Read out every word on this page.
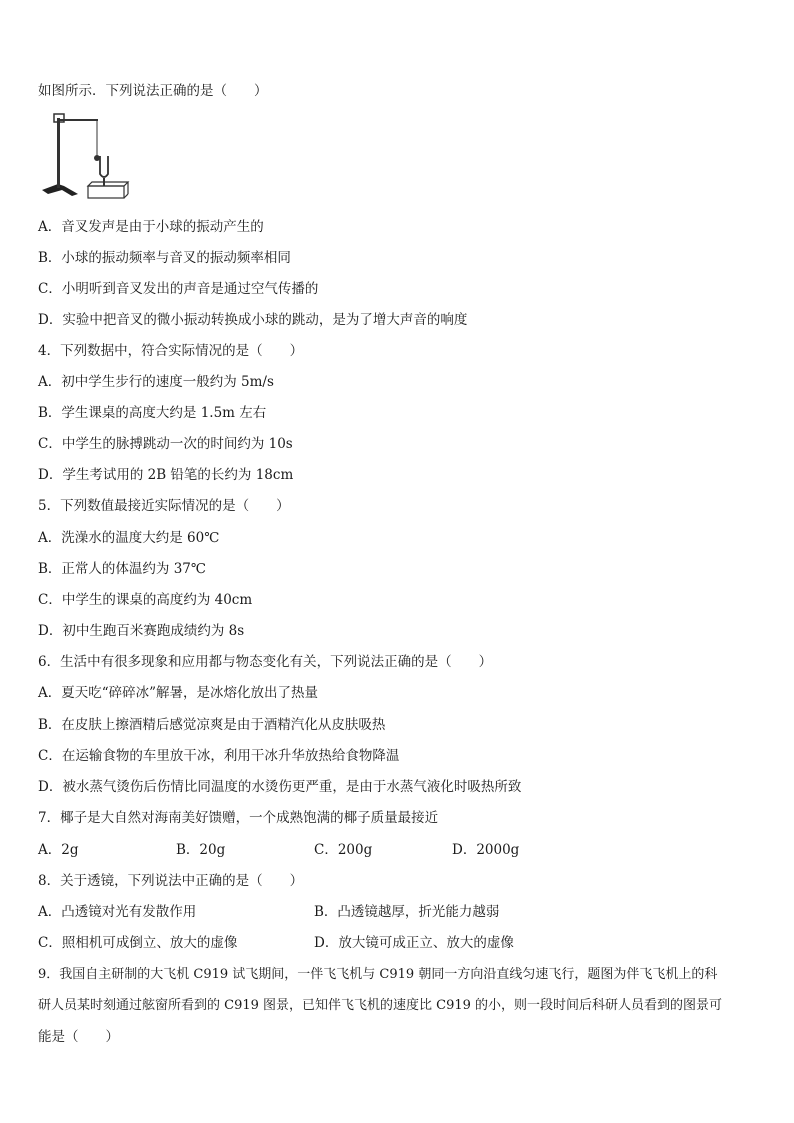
如图所示．下列说法正确的是（　　）
A．音叉发声是由于小球的振动产生的
B．小球的振动频率与音叉的振动频率相同
C．小明听到音叉发出的声音是通过空气传播的
D．实验中把音叉的微小振动转换成小球的跳动，是为了增大声音的响度
4．下列数据中，符合实际情况的是（　　）
A．初中学生步行的速度一般约为 5m/s
B．学生课桌的高度大约是 1.5m 左右
C．中学生的脉搏跳动一次的时间约为 10s
D．学生考试用的 2B 铅笔的长约为 18cm
5．下列数值最接近实际情况的是（　　）
A．洗澡水的温度大约是 60℃
B．正常人的体温约为 37℃
C．中学生的课桌的高度约为 40cm
D．初中生跑百米赛跑成绩约为 8s
6．生活中有很多现象和应用都与物态变化有关，下列说法正确的是（　　）
A．夏天吃“碎碎冰”解暑，是冰熔化放出了热量
B．在皮肤上擦酒精后感觉凉爽是由于酒精汽化从皮肤吸热
C．在运输食物的车里放干冰，利用干冰升华放热给食物降温
D．被水蒸气烫伤后伤情比同温度的水烫伤更严重，是由于水蒸气液化时吸热所致
7．椰子是大自然对海南美好馈赠，一个成熟饱满的椰子质量最接近
A．2g	B．20g	C．200g	D．2000g
8．关于透镜，下列说法中正确的是（　　）
A．凸透镜对光有发散作用	B．凸透镜越厚，折光能力越弱
C．照相机可成倒立、放大的虚像	D．放大镜可成正立、放大的虚像
9．我国自主研制的大飞机 C919 试飞期间，一伴飞飞机与 C919 朝同一方向沿直线匀速飞行，题图为伴飞飞机上的科
研人员某时刻通过舷窗所看到的 C919 图景，已知伴飞飞机的速度比 C919 的小，则一段时间后科研人员看到的图景可
能是（　　）
